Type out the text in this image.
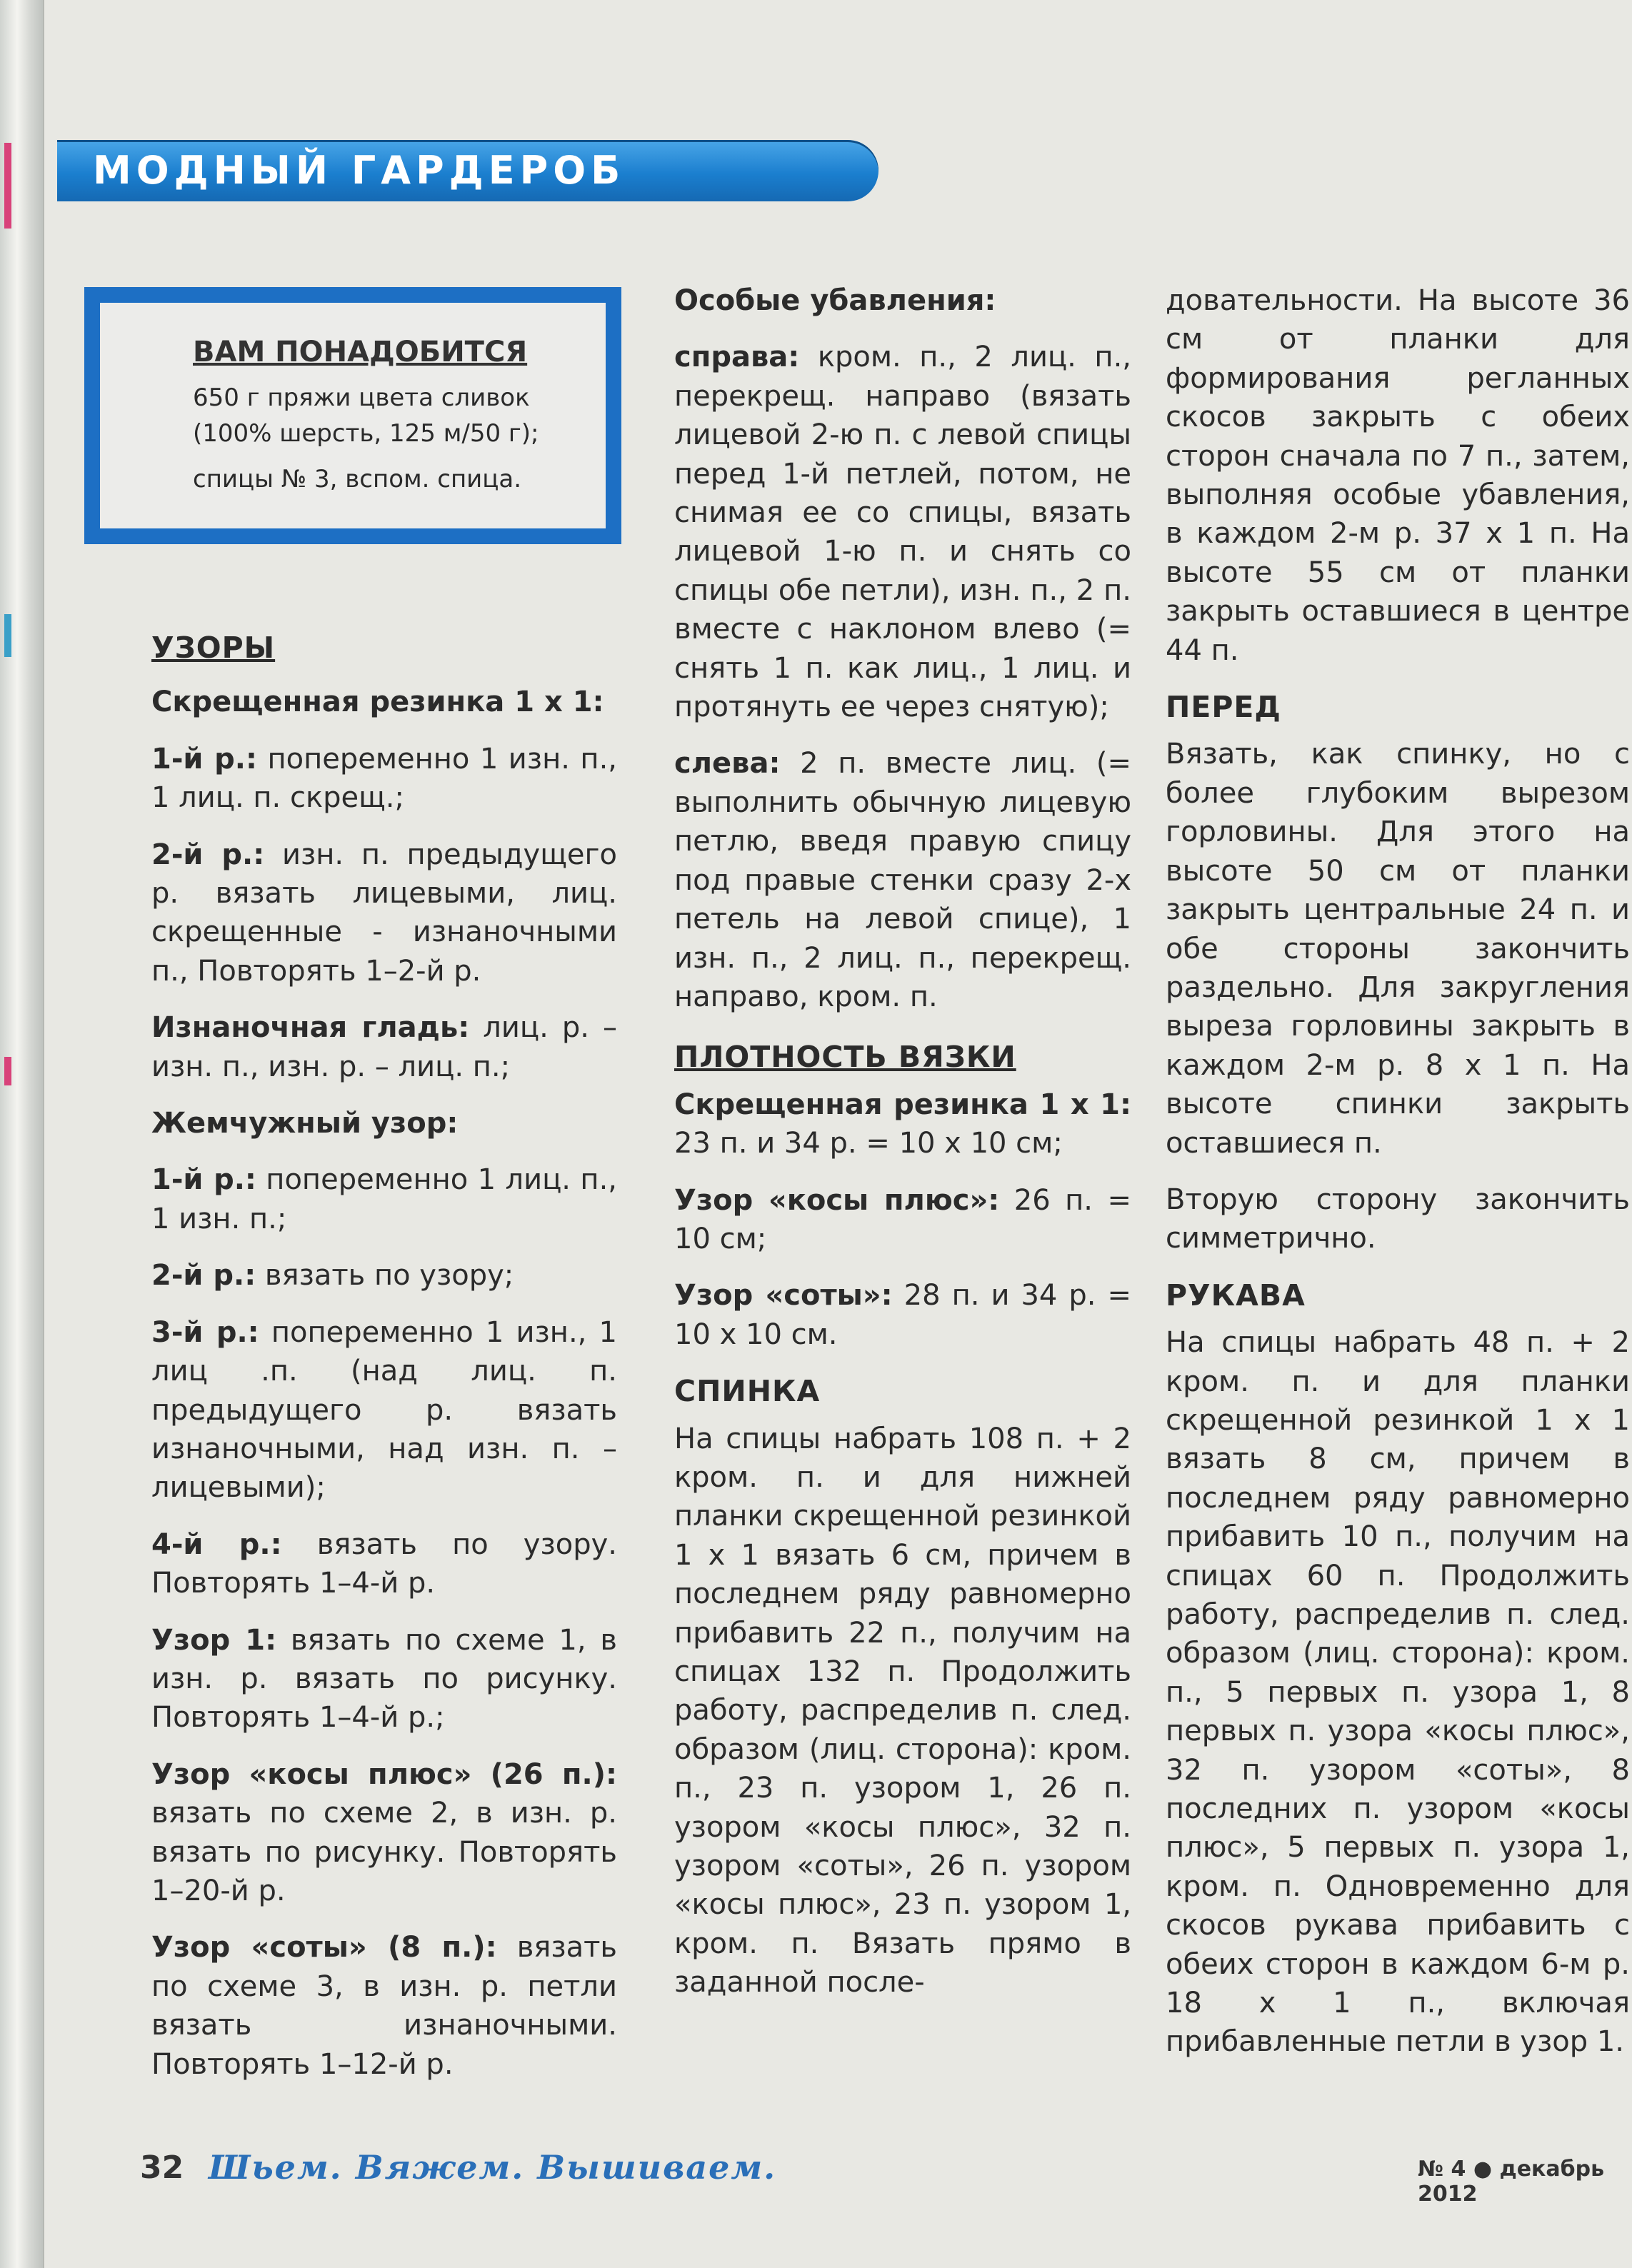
МОДНЫЙ ГАРДЕРОБ
ВАМ ПОНАДОБИТСЯ

650 г пряжи цвета сливок (100% шерсть, 125 м/50 г);

спицы № 3, вспом. спица.

УЗОРЫ

Скрещенная резинка 1 х 1:

1-й р.: попеременно 1 изн. п., 1 лиц. п. скрещ.;

2-й р.: изн. п. предыдущего р. вязать лицевыми, лиц. скрещенные - изнаночными п., Повторять 1–2-й р.

Изнаночная гладь: лиц. р. – изн. п., изн. р. – лиц. п.;

Жемчужный узор:

1-й р.: попеременно 1 лиц. п., 1 изн. п.;

2-й р.: вязать по узору;

3-й р.: попеременно 1 изн., 1 лиц .п. (над лиц. п. предыдущего р. вязать изнаночными, над изн. п. – лицевыми);

4-й р.: вязать по узору. Повторять 1–4-й р.

Узор 1: вязать по схеме 1, в изн. р. вязать по рисунку. Повторять 1–4-й р.;

Узор «косы плюс» (26 п.): вязать по схеме 2, в изн. р. вязать по рисунку. Повторять 1–20-й р.

Узор «соты» (8 п.): вязать по схеме 3, в изн. р. петли вязать изнаночными. Повторять 1–12-й р.

Особые убавления:

справа: кром. п., 2 лиц. п., перекрещ. направо (вязать лицевой 2-ю п. с левой спицы перед 1-й петлей, потом, не снимая ее со спицы, вязать лицевой 1-ю п. и снять со спицы обе петли), изн. п., 2 п. вместе с наклоном влево (= снять 1 п. как лиц., 1 лиц. и протянуть ее через снятую);

слева: 2 п. вместе лиц. (= выполнить обычную лицевую петлю, введя правую спицу под правые стенки сразу 2-х петель на левой спице), 1 изн. п., 2 лиц. п., перекрещ. направо, кром. п.

ПЛОТНОСТЬ ВЯЗКИ

Скрещенная резинка 1 х 1: 23 п. и 34 р. = 10 х 10 см;

Узор «косы плюс»: 26 п. = 10 см;

Узор «соты»: 28 п. и 34 р. = 10 х 10 см.

СПИНКА

На спицы набрать 108 п. + 2 кром. п. и для нижней планки скрещенной резинкой 1 х 1 вязать 6 см, причем в последнем ряду равномерно прибавить 22 п., получим на спицах 132 п. Продолжить работу, распределив п. след. образом (лиц. сторона): кром. п., 23 п. узором 1, 26 п. узором «косы плюс», 32 п. узором «соты», 26 п. узором «косы плюс», 23 п. узором 1, кром. п. Вязать прямо в заданной после-

довательности. На высоте 36 см от планки для формирования регланных скосов закрыть с обеих сторон сначала по 7 п., затем, выполняя особые убавления, в каждом 2-м р. 37 х 1 п. На высоте 55 см от планки закрыть оставшиеся в центре 44 п.

ПЕРЕД

Вязать, как спинку, но с более глубоким вырезом горловины. Для этого на высоте 50 см от планки закрыть центральные 24 п. и обе стороны закончить раздельно. Для закругления выреза горловины закрыть в каждом 2-м р. 8 х 1 п. На высоте спинки закрыть оставшиеся п.

Вторую сторону закончить симметрично.

РУКАВА

На спицы набрать 48 п. + 2 кром. п. и для планки скрещенной резинкой 1 х 1 вязать 8 см, причем в последнем ряду равномерно прибавить 10 п., получим на спицах 60 п. Продолжить работу, распределив п. след. образом (лиц. сторона): кром. п., 5 первых п. узора 1, 8 первых п. узора «косы плюс», 32 п. узором «соты», 8 последних п. узором «косы плюс», 5 первых п. узора 1, кром. п. Одновременно для скосов рукава прибавить с обеих сторон в каждом 6-м р. 18 х 1 п., включая прибавленные петли в узор 1.

32 Шьем. Вяжем. Вышиваем.	№ 4 ● декабрь 2012
